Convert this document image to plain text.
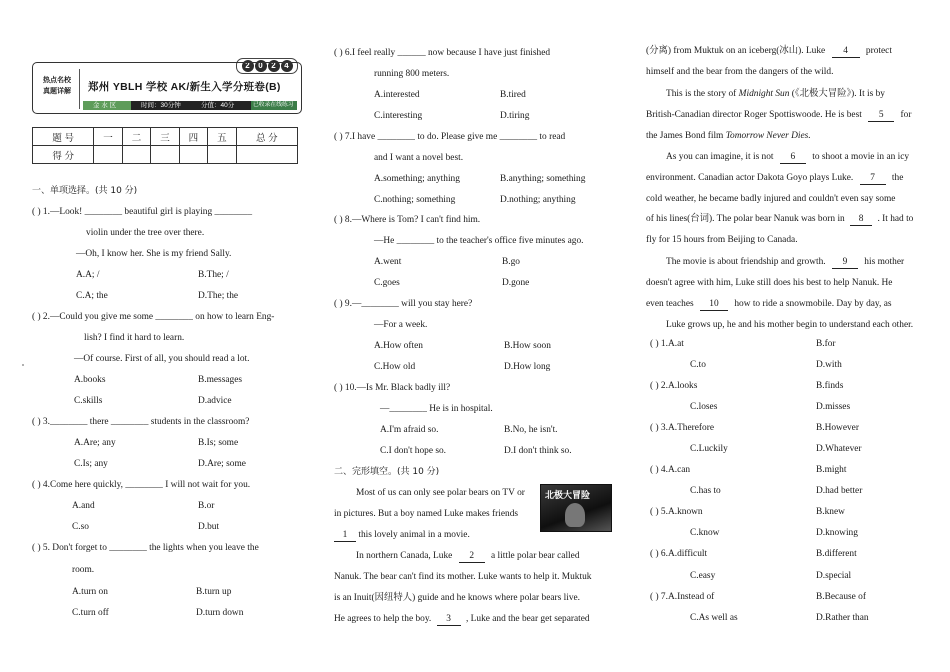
2	0	2	4
热点名校
真题详解	郑州 YBLH 学校 AK/新生入学分班卷(B)
金 水 区	时间：30分钟	分值：40分	已收录在线练习
题 号	一	二	三	四	五	总 分
得 分						
一、单项选择。(共 10 分)
( ) 1.—Look! ________ beautiful girl is playing ________
violin under the tree over there.
—Oh, I know her. She is my friend Sally.
A.A; /	B.The; /
C.A; the	D.The; the
( ) 2.—Could you give me some ________ on how to learn Eng-
lish? I find it hard to learn.
—Of course. First of all, you should read a lot.
A.books	B.messages
C.skills	D.advice
( ) 3.________ there ________ students in the classroom?
A.Are; any	B.Is; some
C.Is; any	D.Are; some
( ) 4.Come here quickly, ________ I will not wait for you.
A.and	B.or
C.so	D.but
( ) 5. Don't forget to ________ the lights when you leave the
room.
A.turn on	B.turn up
C.turn off	D.turn down
( ) 6.I feel really ______ now because I have just finished
running 800 meters.
A.interested	B.tired
C.interesting	D.tiring
( ) 7.I have ________ to do. Please give me ________ to read
and I want a novel best.
A.something; anything	B.anything; something
C.nothing; something	D.nothing; anything
( ) 8.—Where is Tom? I can't find him.
—He ________ to the teacher's office five minutes ago.
A.went	B.go
C.goes	D.gone
( ) 9.—________ will you stay here?
—For a week.
A.How often	B.How soon
C.How old	D.How long
( ) 10.—Is Mr. Black badly ill?
—________ He is in hospital.
A.I'm afraid so.	B.No, he isn't.
C.I don't hope so.	D.I don't think so.
二、完形填空。(共 10 分)
北极大冒险
Most of us can only see polar bears on TV or
in pictures. But a boy named Luke makes friends
1 this lovely animal in a movie.
In northern Canada, Luke 2 a little polar bear called
Nanuk. The bear can't find its mother. Luke wants to help it. Muktuk
is an Inuit(因纽特人) guide and he knows where polar bears live.
He agrees to help the boy. 3 , Luke and the bear get separated
(分离) from Muktuk on an iceberg(冰山). Luke 4 protect
himself and the bear from the dangers of the wild.
This is the story of Midnight Sun (《北极大冒险》). It is by
British-Canadian director Roger Spottiswoode. He is best 5 for
the James Bond film Tomorrow Never Dies.
As you can imagine, it is not 6 to shoot a movie in an icy
environment. Canadian actor Dakota Goyo plays Luke. 7 the
cold weather, he became badly injured and couldn't even say some
of his lines(台词). The polar bear Nanuk was born in 8 . It had to
fly for 15 hours from Beijing to Canada.
The movie is about friendship and growth. 9 his mother
doesn't agree with him, Luke still does his best to help Nanuk. He
even teaches 10 how to ride a snowmobile. Day by day, as
Luke grows up, he and his mother begin to understand each other.
( ) 1.A.at	B.for
C.to	D.with
( ) 2.A.looks	B.finds
C.loses	D.misses
( ) 3.A.Therefore	B.However
C.Luckily	D.Whatever
( ) 4.A.can	B.might
C.has to	D.had better
( ) 5.A.known	B.knew
C.know	D.knowing
( ) 6.A.difficult	B.different
C.easy	D.special
( ) 7.A.Instead of	B.Because of
C.As well as	D.Rather than
